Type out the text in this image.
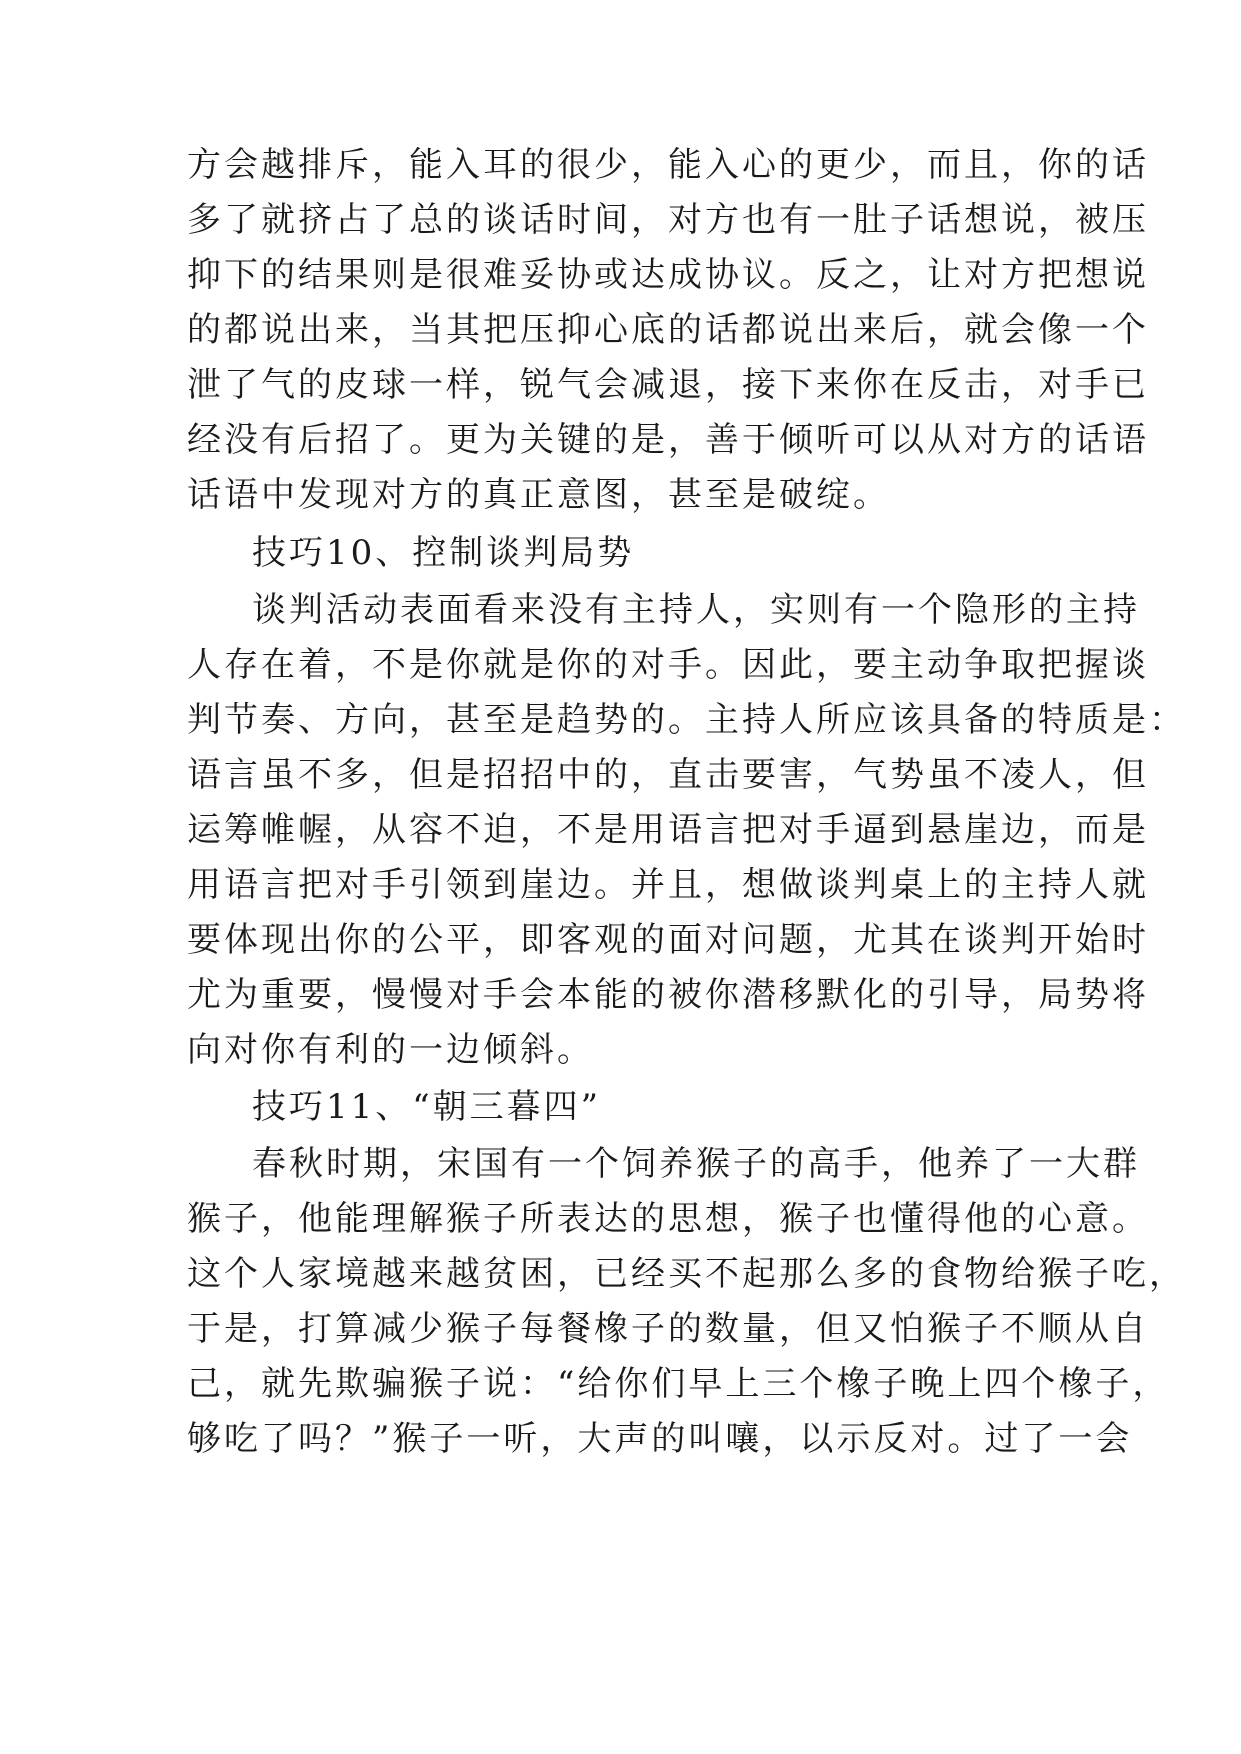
方会越排斥，能入耳的很少，能入心的更少，而且，你的话
多了就挤占了总的谈话时间，对方也有一肚子话想说，被压
抑下的结果则是很难妥协或达成协议。反之，让对方把想说
的都说出来，当其把压抑心底的话都说出来后，就会像一个
泄了气的皮球一样，锐气会减退，接下来你在反击，对手已
经没有后招了。更为关键的是，善于倾听可以从对方的话语
话语中发现对方的真正意图，甚至是破绽。
技巧10、控制谈判局势
谈判活动表面看来没有主持人，实则有一个隐形的主持
人存在着，不是你就是你的对手。因此，要主动争取把握谈
判节奏、方向，甚至是趋势的。主持人所应该具备的特质是：
语言虽不多，但是招招中的，直击要害，气势虽不凌人，但
运筹帷幄，从容不迫，不是用语言把对手逼到悬崖边，而是
用语言把对手引领到崖边。并且，想做谈判桌上的主持人就
要体现出你的公平，即客观的面对问题，尤其在谈判开始时
尤为重要，慢慢对手会本能的被你潜移默化的引导，局势将
向对你有利的一边倾斜。
技巧11、“朝三暮四”
春秋时期，宋国有一个饲养猴子的高手，他养了一大群
猴子，他能理解猴子所表达的思想，猴子也懂得他的心意。
这个人家境越来越贫困，已经买不起那么多的食物给猴子吃，
于是，打算减少猴子每餐橡子的数量，但又怕猴子不顺从自
己，就先欺骗猴子说：“给你们早上三个橡子晚上四个橡子，
够吃了吗？”猴子一听，大声的叫嚷，以示反对。过了一会
